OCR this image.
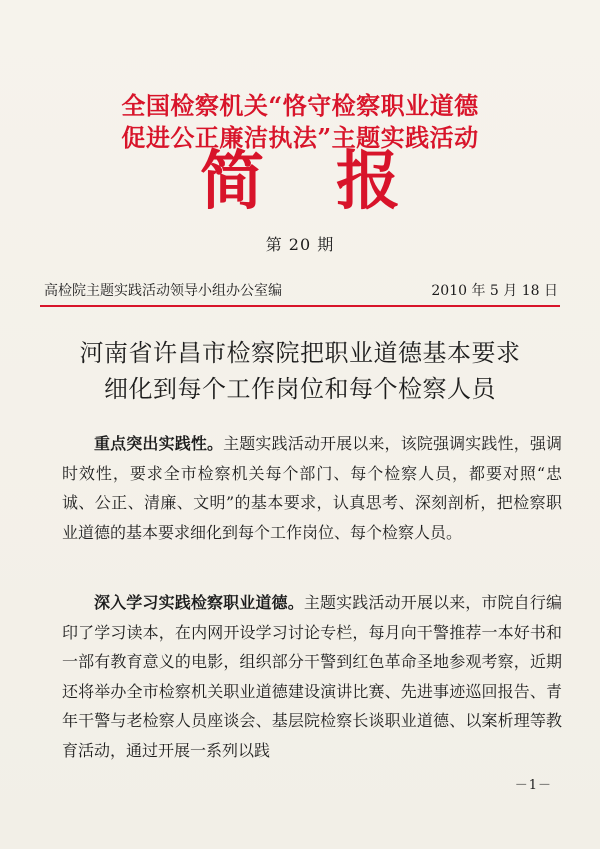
全国检察机关“恪守检察职业道德
促进公正廉洁执法”主题实践活动
简 报
第 20 期
高检院主题实践活动领导小组办公室编	2010 年 5 月 18 日
河南省许昌市检察院把职业道德基本要求
细化到每个工作岗位和每个检察人员
重点突出实践性。主题实践活动开展以来，该院强调实践性，强调时效性，要求全市检察机关每个部门、每个检察人员，都要对照“忠诚、公正、清廉、文明”的基本要求，认真思考、深刻剖析，把检察职业道德的基本要求细化到每个工作岗位、每个检察人员。
深入学习实践检察职业道德。主题实践活动开展以来，市院自行编印了学习读本，在内网开设学习讨论专栏，每月向干警推荐一本好书和一部有教育意义的电影，组织部分干警到红色革命圣地参观考察，近期还将举办全市检察机关职业道德建设演讲比赛、先进事迹巡回报告、青年干警与老检察人员座谈会、基层院检察长谈职业道德、以案析理等教育活动，通过开展一系列以践
－1－
